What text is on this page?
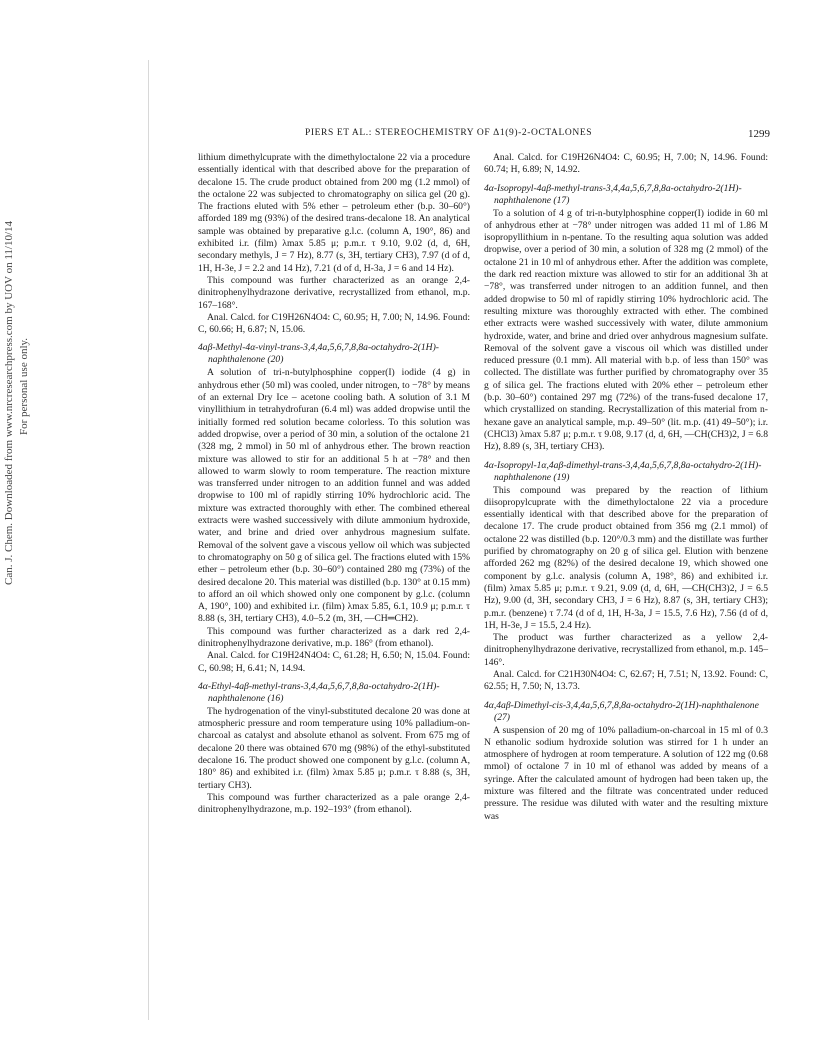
Can. J. Chem. Downloaded from www.nrcresearchpress.com by UOV on 11/10/14 For personal use only.
PIERS ET AL.: STEREOCHEMISTRY OF Δ1(9)-2-OCTALONES	1299

lithium dimethylcuprate with the dimethyloctalone 22 via a procedure essentially identical with that described above for the preparation of decalone 15. The crude product obtained from 200 mg (1.2 mmol) of the octalone 22 was subjected to chromatography on silica gel (20 g). The fractions eluted with 5% ether – petroleum ether (b.p. 30–60°) afforded 189 mg (93%) of the desired trans-decalone 18. An analytical sample was obtained by preparative g.l.c. (column A, 190°, 86) and exhibited i.r. (film) λmax 5.85 μ; p.m.r. τ 9.10, 9.02 (d, d, 6H, secondary methyls, J = 7 Hz), 8.77 (s, 3H, tertiary CH3), 7.97 (d of d, 1H, H-3e, J = 2.2 and 14 Hz), 7.21 (d of d, H-3a, J = 6 and 14 Hz).

This compound was further characterized as an orange 2,4-dinitrophenylhydrazone derivative, recrystallized from ethanol, m.p. 167–168°.

Anal. Calcd. for C19H26N4O4: C, 60.95; H, 7.00; N, 14.96. Found: C, 60.66; H, 6.87; N, 15.06.

4aβ-Methyl-4α-vinyl-trans-3,4,4a,5,6,7,8,8a-octahydro-2(1H)-naphthalenone (20)

A solution of tri-n-butylphosphine copper(I) iodide (4 g) in anhydrous ether (50 ml) was cooled, under nitrogen, to −78° by means of an external Dry Ice – acetone cooling bath. A solution of 3.1 M vinyllithium in tetrahydrofuran (6.4 ml) was added dropwise until the initially formed red solution became colorless. To this solution was added dropwise, over a period of 30 min, a solution of the octalone 21 (328 mg, 2 mmol) in 50 ml of anhydrous ether. The brown reaction mixture was allowed to stir for an additional 5 h at −78° and then allowed to warm slowly to room temperature. The reaction mixture was transferred under nitrogen to an addition funnel and was added dropwise to 100 ml of rapidly stirring 10% hydrochloric acid. The mixture was extracted thoroughly with ether. The combined ethereal extracts were washed successively with dilute ammonium hydroxide, water, and brine and dried over anhydrous magnesium sulfate. Removal of the solvent gave a viscous yellow oil which was subjected to chromatography on 50 g of silica gel. The fractions eluted with 15% ether – petroleum ether (b.p. 30–60°) contained 280 mg (73%) of the desired decalone 20. This material was distilled (b.p. 130° at 0.15 mm) to afford an oil which showed only one component by g.l.c. (column A, 190°, 100) and exhibited i.r. (film) λmax 5.85, 6.1, 10.9 μ; p.m.r. τ 8.88 (s, 3H, tertiary CH3), 4.0–5.2 (m, 3H, —CH═CH2).

This compound was further characterized as a dark red 2,4-dinitrophenylhydrazone derivative, m.p. 186° (from ethanol).

Anal. Calcd. for C19H24N4O4: C, 61.28; H, 6.50; N, 15.04. Found: C, 60.98; H, 6.41; N, 14.94.

4α-Ethyl-4aβ-methyl-trans-3,4,4a,5,6,7,8,8a-octahydro-2(1H)-naphthalenone (16)

The hydrogenation of the vinyl-substituted decalone 20 was done at atmospheric pressure and room temperature using 10% palladium-on-charcoal as catalyst and absolute ethanol as solvent. From 675 mg of decalone 20 there was obtained 670 mg (98%) of the ethyl-substituted decalone 16. The product showed one component by g.l.c. (column A, 180° 86) and exhibited i.r. (film) λmax 5.85 μ; p.m.r. τ 8.88 (s, 3H, tertiary CH3).

This compound was further characterized as a pale orange 2,4-dinitrophenylhydrazone, m.p. 192–193° (from ethanol).

Anal. Calcd. for C19H26N4O4: C, 60.95; H, 7.00; N, 14.96. Found: 60.74; H, 6.89; N, 14.92.

4α-Isopropyl-4aβ-methyl-trans-3,4,4a,5,6,7,8,8a-octahydro-2(1H)-naphthalenone (17)

To a solution of 4 g of tri-n-butylphosphine copper(I) iodide in 60 ml of anhydrous ether at −78° under nitrogen was added 11 ml of 1.86 M isopropyllithium in n-pentane. To the resulting aqua solution was added dropwise, over a period of 30 min, a solution of 328 mg (2 mmol) of the octalone 21 in 10 ml of anhydrous ether. After the addition was complete, the dark red reaction mixture was allowed to stir for an additional 3h at −78°, was transferred under nitrogen to an addition funnel, and then added dropwise to 50 ml of rapidly stirring 10% hydrochloric acid. The resulting mixture was thoroughly extracted with ether. The combined ether extracts were washed successively with water, dilute ammonium hydroxide, water, and brine and dried over anhydrous magnesium sulfate. Removal of the solvent gave a viscous oil which was distilled under reduced pressure (0.1 mm). All material with b.p. of less than 150° was collected. The distillate was further purified by chromatography over 35 g of silica gel. The fractions eluted with 20% ether – petroleum ether (b.p. 30–60°) contained 297 mg (72%) of the trans-fused decalone 17, which crystallized on standing. Recrystallization of this material from n-hexane gave an analytical sample, m.p. 49–50° (lit. m.p. (41) 49–50°); i.r. (CHCl3) λmax 5.87 μ; p.m.r. τ 9.08, 9.17 (d, d, 6H, —CH(CH3)2, J = 6.8 Hz), 8.89 (s, 3H, tertiary CH3).

4α-Isopropyl-1α,4aβ-dimethyl-trans-3,4,4a,5,6,7,8,8a-octahydro-2(1H)-naphthalenone (19)

This compound was prepared by the reaction of lithium diisopropylcuprate with the dimethyloctalone 22 via a procedure essentially identical with that described above for the preparation of decalone 17. The crude product obtained from 356 mg (2.1 mmol) of octalone 22 was distilled (b.p. 120°/0.3 mm) and the distillate was further purified by chromatography on 20 g of silica gel. Elution with benzene afforded 262 mg (82%) of the desired decalone 19, which showed one component by g.l.c. analysis (column A, 198°, 86) and exhibited i.r. (film) λmax 5.85 μ; p.m.r. τ 9.21, 9.09 (d, d, 6H, —CH(CH3)2, J = 6.5 Hz), 9.00 (d, 3H, secondary CH3, J = 6 Hz), 8.87 (s, 3H, tertiary CH3); p.m.r. (benzene) τ 7.74 (d of d, 1H, H-3a, J = 15.5, 7.6 Hz), 7.56 (d of d, 1H, H-3e, J = 15.5, 2.4 Hz).

The product was further characterized as a yellow 2,4-dinitrophenylhydrazone derivative, recrystallized from ethanol, m.p. 145–146°.

Anal. Calcd. for C21H30N4O4: C, 62.67; H, 7.51; N, 13.92. Found: C, 62.55; H, 7.50; N, 13.73.

4α,4aβ-Dimethyl-cis-3,4,4a,5,6,7,8,8a-octahydro-2(1H)-naphthalenone (27)

A suspension of 20 mg of 10% palladium-on-charcoal in 15 ml of 0.3 N ethanolic sodium hydroxide solution was stirred for 1 h under an atmosphere of hydrogen at room temperature. A solution of 122 mg (0.68 mmol) of octalone 7 in 10 ml of ethanol was added by means of a syringe. After the calculated amount of hydrogen had been taken up, the mixture was filtered and the filtrate was concentrated under reduced pressure. The residue was diluted with water and the resulting mixture was
